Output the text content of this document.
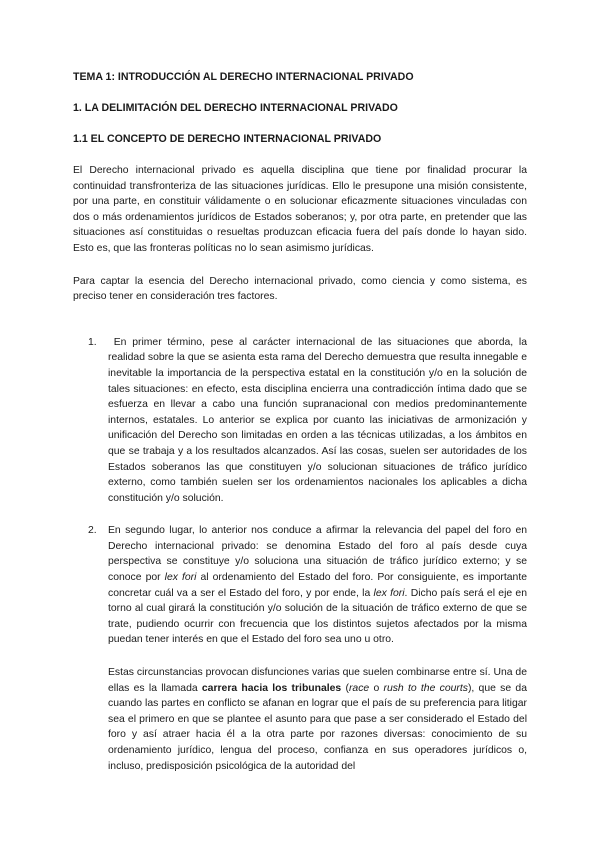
TEMA 1: INTRODUCCIÓN AL DERECHO INTERNACIONAL PRIVADO
1. LA DELIMITACIÓN DEL DERECHO INTERNACIONAL PRIVADO
1.1 EL CONCEPTO DE DERECHO INTERNACIONAL PRIVADO

El Derecho internacional privado es aquella disciplina que tiene por finalidad procurar la continuidad transfronteriza de las situaciones jurídicas. Ello le presupone una misión consistente, por una parte, en constituir válidamente o en solucionar eficazmente situaciones vinculadas con dos o más ordenamientos jurídicos de Estados soberanos; y, por otra parte, en pretender que las situaciones así constituidas o resueltas produzcan eficacia fuera del país donde lo hayan sido. Esto es, que las fronteras políticas no lo sean asimismo jurídicas.

Para captar la esencia del Derecho internacional privado, como ciencia y como sistema, es preciso tener en consideración tres factores.

1.	En primer término, pese al carácter internacional de las situaciones que aborda, la realidad sobre la que se asienta esta rama del Derecho demuestra que resulta innegable e inevitable la importancia de la perspectiva estatal en la constitución y/o en la solución de tales situaciones: en efecto, esta disciplina encierra una contradicción íntima dado que se esfuerza en llevar a cabo una función supranacional con medios predominantemente internos, estatales. Lo anterior se explica por cuanto las iniciativas de armonización y unificación del Derecho son limitadas en orden a las técnicas utilizadas, a los ámbitos en que se trabaja y a los resultados alcanzados. Así las cosas, suelen ser autoridades de los Estados soberanos las que constituyen y/o solucionan situaciones de tráfico jurídico externo, como también suelen ser los ordenamientos nacionales los aplicables a dicha constitución y/o solución.

2. En segundo lugar, lo anterior nos conduce a afirmar la relevancia del papel del foro en Derecho internacional privado: se denomina Estado del foro al país desde cuya perspectiva se constituye y/o soluciona una situación de tráfico jurídico externo; y se conoce por lex fori al ordenamiento del Estado del foro. Por consiguiente, es importante concretar cuál va a ser el Estado del foro, y por ende, la lex fori. Dicho país será el eje en torno al cual girará la constitución y/o solución de la situación de tráfico externo de que se trate, pudiendo ocurrir con frecuencia que los distintos sujetos afectados por la misma puedan tener interés en que el Estado del foro sea uno u otro.

Estas circunstancias provocan disfunciones varias que suelen combinarse entre sí. Una de ellas es la llamada carrera hacia los tribunales (race o rush to the courts), que se da cuando las partes en conflicto se afanan en lograr que el país de su preferencia para litigar sea el primero en que se plantee el asunto para que pase a ser considerado el Estado del foro y así atraer hacia él a la otra parte por razones diversas: conocimiento de su ordenamiento jurídico, lengua del proceso, confianza en sus operadores jurídicos o, incluso, predisposición psicológica de la autoridad del
